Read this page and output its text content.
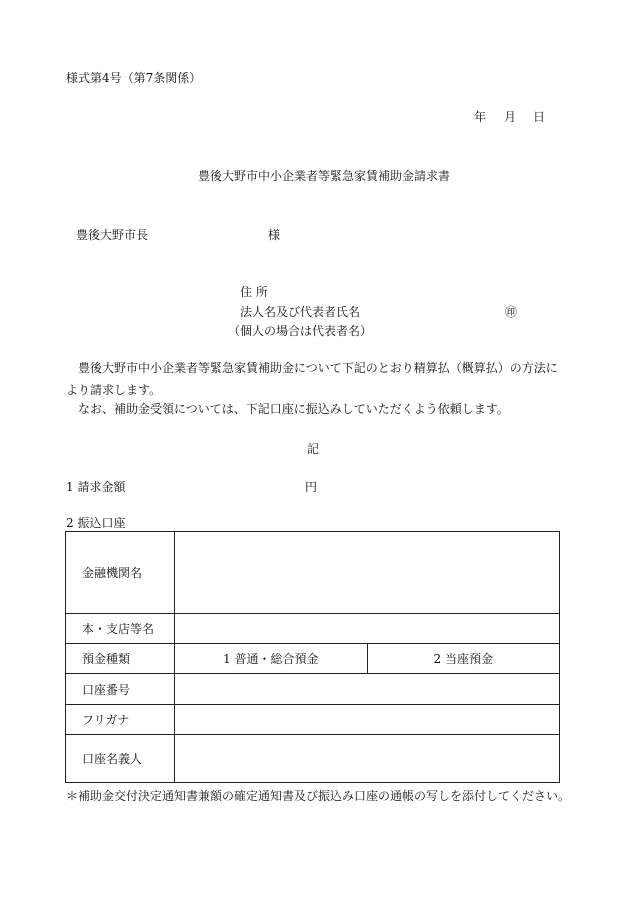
様式第4号（第7条関係）
年 月 日
豊後大野市中小企業者等緊急家賃補助金請求書
豊後大野市長	様
住 所
法人名及び代表者氏名	㊞
（個人の場合は代表者名）
豊後大野市中小企業者等緊急家賃補助金について下記のとおり精算払（概算払）の方法により請求します。
なお、補助金受領については、下記口座に振込みしていただくよう依頼します。
記
1 請求金額	円
2 振込口座
金融機関名		
本・支店等名		
預金種類	1 普通・総合預金	2 当座預金
口座番号		
フリガナ		
口座名義人		
＊補助金交付決定通知書兼額の確定通知書及び振込み口座の通帳の写しを添付してください。
